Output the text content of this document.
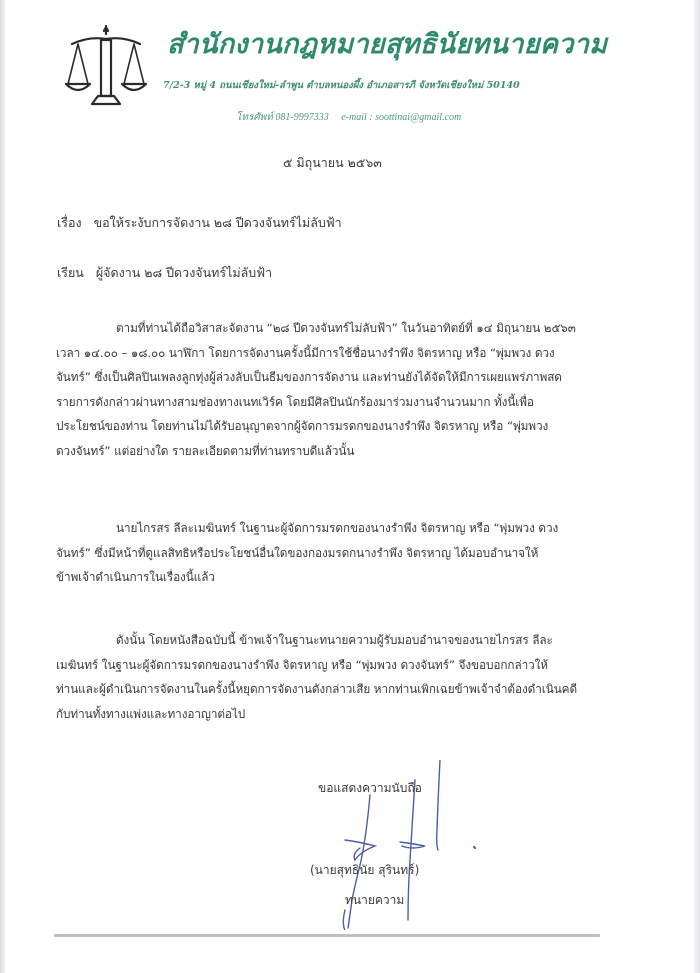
สำนักงานกฎหมายสุทธินัยทนายความ
7/2-3 หมู่ 4 ถนนเชียงใหม่-ลำพูน ตำบลหนองผึ้ง อำเภอสารภี จังหวัดเชียงใหม่ 50140
โทรศัพท์ 081-9997333 e-mail : soottinai@gmail.com
๕ มิถุนายน ๒๕๖๓
เรื่อง ขอให้ระงับการจัดงาน ๒๘ ปีดวงจันทร์ไม่ลับฟ้า
เรียน ผู้จัดงาน ๒๘ ปีดวงจันทร์ไม่ลับฟ้า
ตามที่ท่านได้ถือวิสาสะจัดงาน “๒๘ ปีดวงจันทร์ไม่ลับฟ้า” ในวันอาทิตย์ที่ ๑๔ มิถุนายน ๒๕๖๓
เวลา ๑๔.๐๐ – ๑๘.๐๐ นาฬิกา โดยการจัดงานครั้งนี้มีการใช้ชื่อนางรำพึง จิตรหาญ หรือ “พุ่มพวง ดวง
จันทร์” ซึ่งเป็นศิลปินเพลงลูกทุ่งผู้ล่วงลับเป็นธีมของการจัดงาน และท่านยังได้จัดให้มีการเผยแพร่ภาพสด
รายการดังกล่าวผ่านทางสามช่องทางเนทเวิร์ค โดยมีศิลปินนักร้องมาร่วมงานจำนวนมาก ทั้งนี้เพื่อ
ประโยชน์ของท่าน โดยท่านไม่ได้รับอนุญาตจากผู้จัดการมรดกของนางรำพึง จิตรหาญ หรือ “พุ่มพวง
ดวงจันทร์” แต่อย่างใด รายละเอียดตามที่ท่านทราบดีแล้วนั้น
นายไกรสร ลีละเมฆินทร์ ในฐานะผู้จัดการมรดกของนางรำพึง จิตรหาญ หรือ “พุ่มพวง ดวง
จันทร์” ซึ่งมีหน้าที่ดูแลสิทธิหรือประโยชน์อื่นใดของกองมรดกนางรำพึง จิตรหาญ ได้มอบอำนาจให้
ข้าพเจ้าดำเนินการในเรื่องนี้แล้ว
ดังนั้น โดยหนังสือฉบับนี้ ข้าพเจ้าในฐานะทนายความผู้รับมอบอำนาจของนายไกรสร ลีละ
เมฆินทร์ ในฐานะผู้จัดการมรดกของนางรำพึง จิตรหาญ หรือ “พุ่มพวง ดวงจันทร์” จึงขอบอกกล่าวให้
ท่านและผู้ดำเนินการจัดงานในครั้งนี้หยุดการจัดงานดังกล่าวเสีย หากท่านเพิกเฉยข้าพเจ้าจำต้องดำเนินคดี
กับท่านทั้งทางแพ่งและทางอาญาต่อไป
ขอแสดงความนับถือ
(นายสุทธินัย สุรินทร์)
ทนายความ
